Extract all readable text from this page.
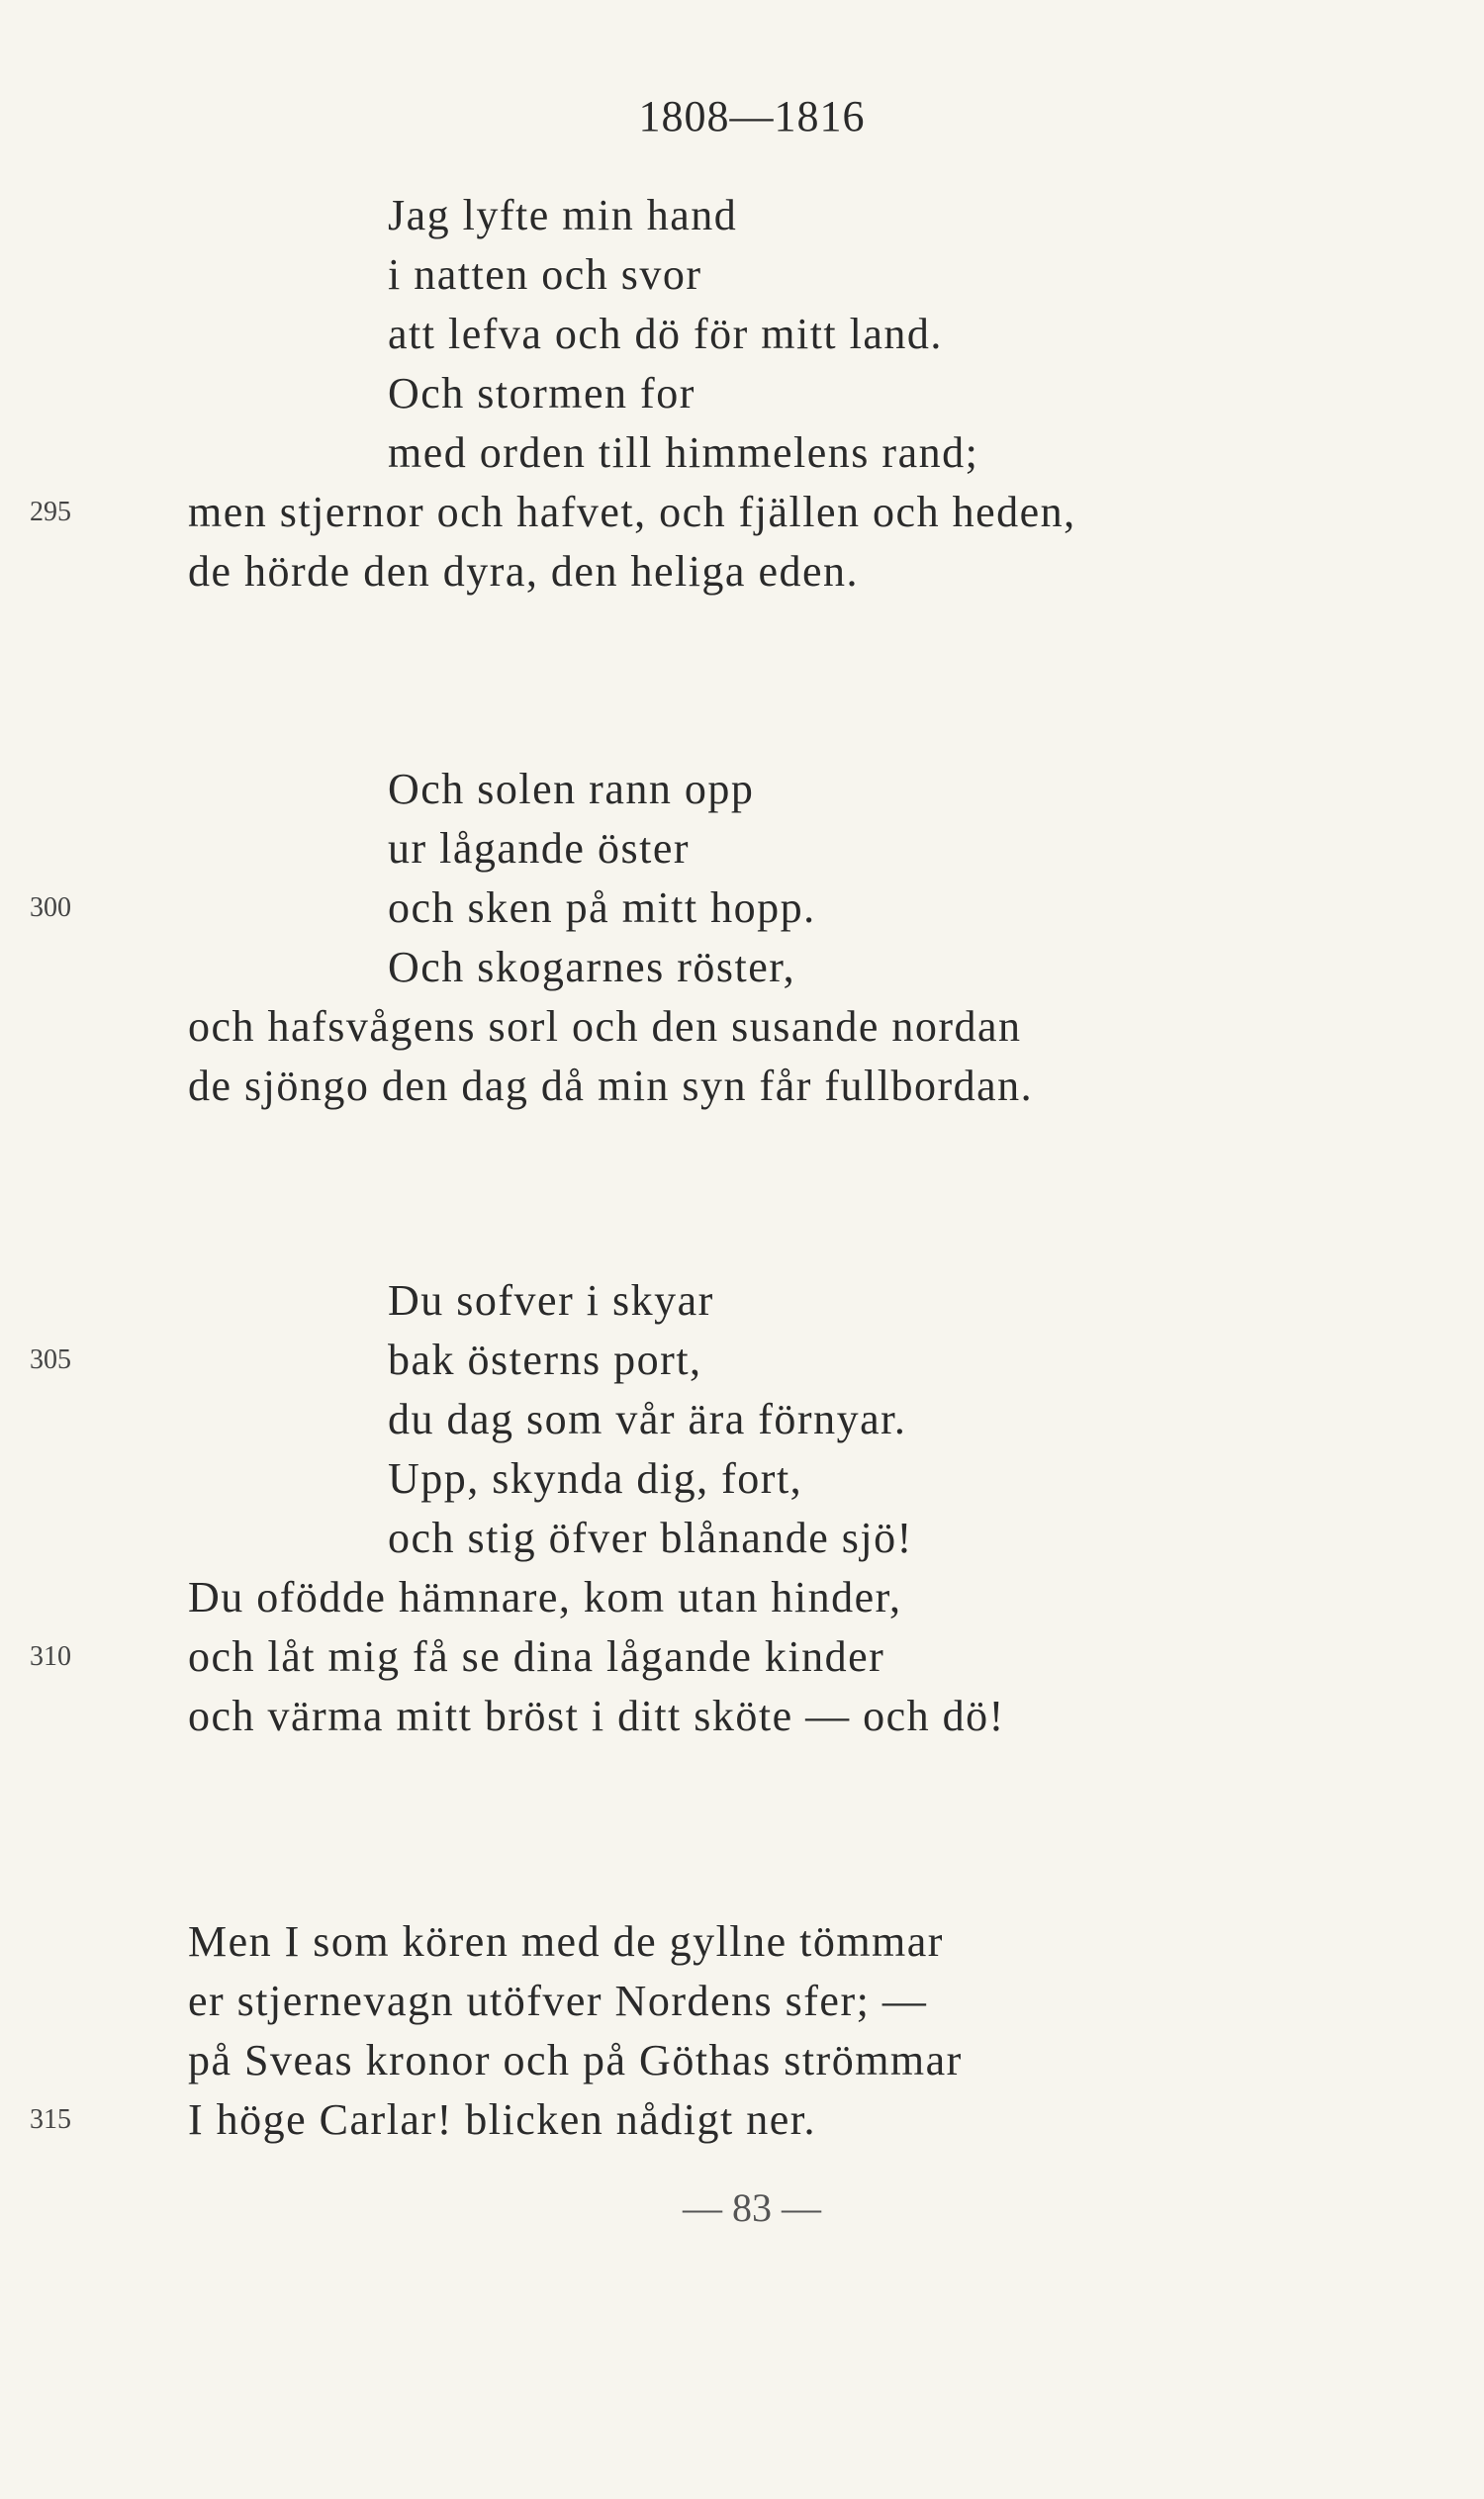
1808—1816
Jag lyfte min hand
i natten och svor
att lefva och dö för mitt land.
Och stormen for
med orden till himmelens rand;
295	men stjernor och hafvet, och fjällen och heden,
de hörde den dyra, den heliga eden.
Och solen rann opp
ur lågande öster
300	och sken på mitt hopp.
Och skogarnes röster,
och hafsvågens sorl och den susande nordan
de sjöngo den dag då min syn får fullbordan.
Du sofver i skyar
305	bak österns port,
du dag som vår ära förnyar.
Upp, skynda dig, fort,
och stig öfver blånande sjö!
Du ofödde hämnare, kom utan hinder,
310	och låt mig få se dina lågande kinder
och värma mitt bröst i ditt sköte — och dö!
Men I som kören med de gyllne tömmar
er stjernevagn utöfver Nordens sfer; —
på Sveas kronor och på Göthas strömmar
315	I höge Carlar! blicken nådigt ner.
— 83 —
